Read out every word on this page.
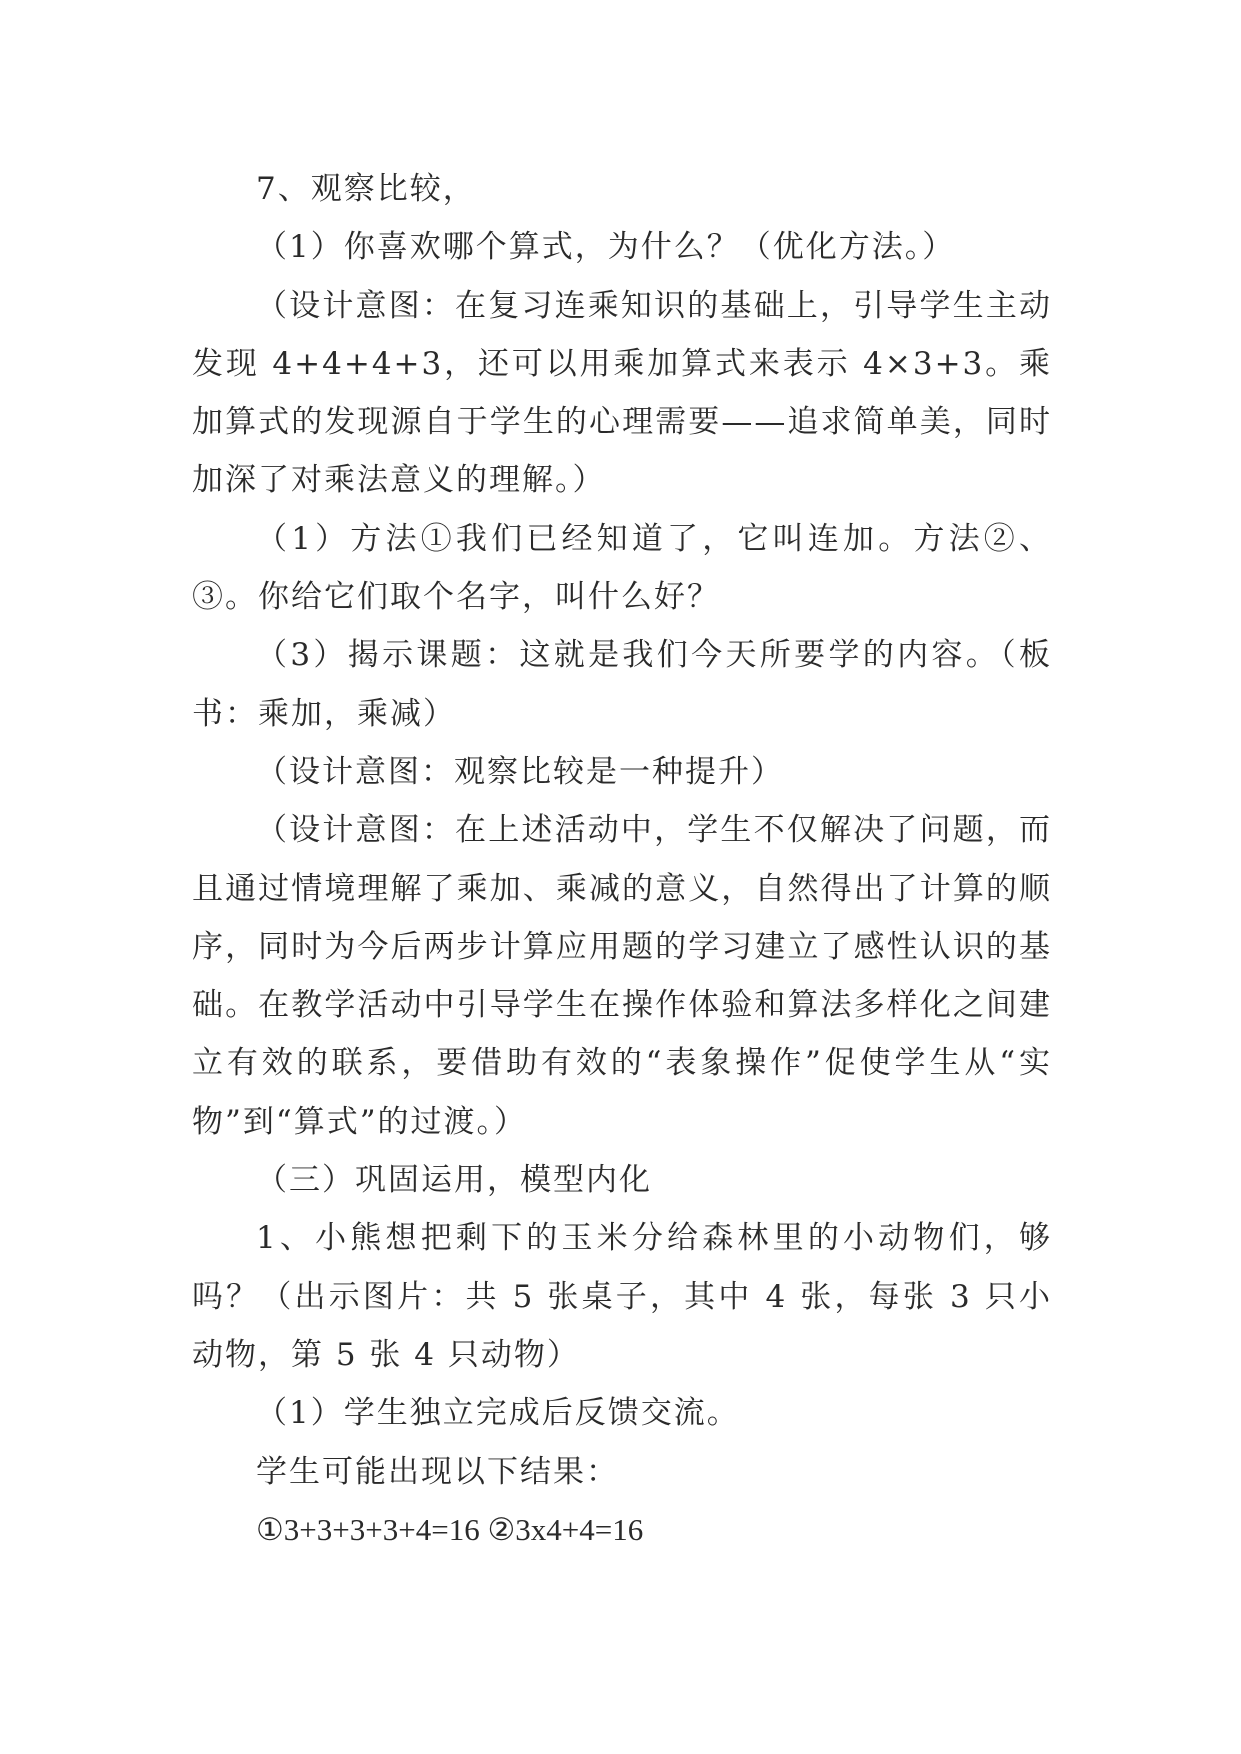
7、观察比较，

（1）你喜欢哪个算式，为什么？（优化方法。）

（设计意图：在复习连乘知识的基础上，引导学生主动发现 4+4+4+3，还可以用乘加算式来表示 4×3+3。乘加算式的发现源自于学生的心理需要——追求简单美，同时加深了对乘法意义的理解。）

（1）方法①我们已经知道了，它叫连加。方法②、③。你给它们取个名字，叫什么好？

（3）揭示课题：这就是我们今天所要学的内容。（板书：乘加，乘减）

（设计意图：观察比较是一种提升）

（设计意图：在上述活动中，学生不仅解决了问题，而且通过情境理解了乘加、乘减的意义，自然得出了计算的顺序，同时为今后两步计算应用题的学习建立了感性认识的基础。在教学活动中引导学生在操作体验和算法多样化之间建立有效的联系，要借助有效的“表象操作”促使学生从“实物”到“算式”的过渡。）

（三）巩固运用，模型内化

1、小熊想把剩下的玉米分给森林里的小动物们，够吗？（出示图片：共 5 张桌子，其中 4 张，每张 3 只小动物，第 5 张 4 只动物）

（1）学生独立完成后反馈交流。

学生可能出现以下结果：

①3+3+3+3+4=16 ②3x4+4=16
